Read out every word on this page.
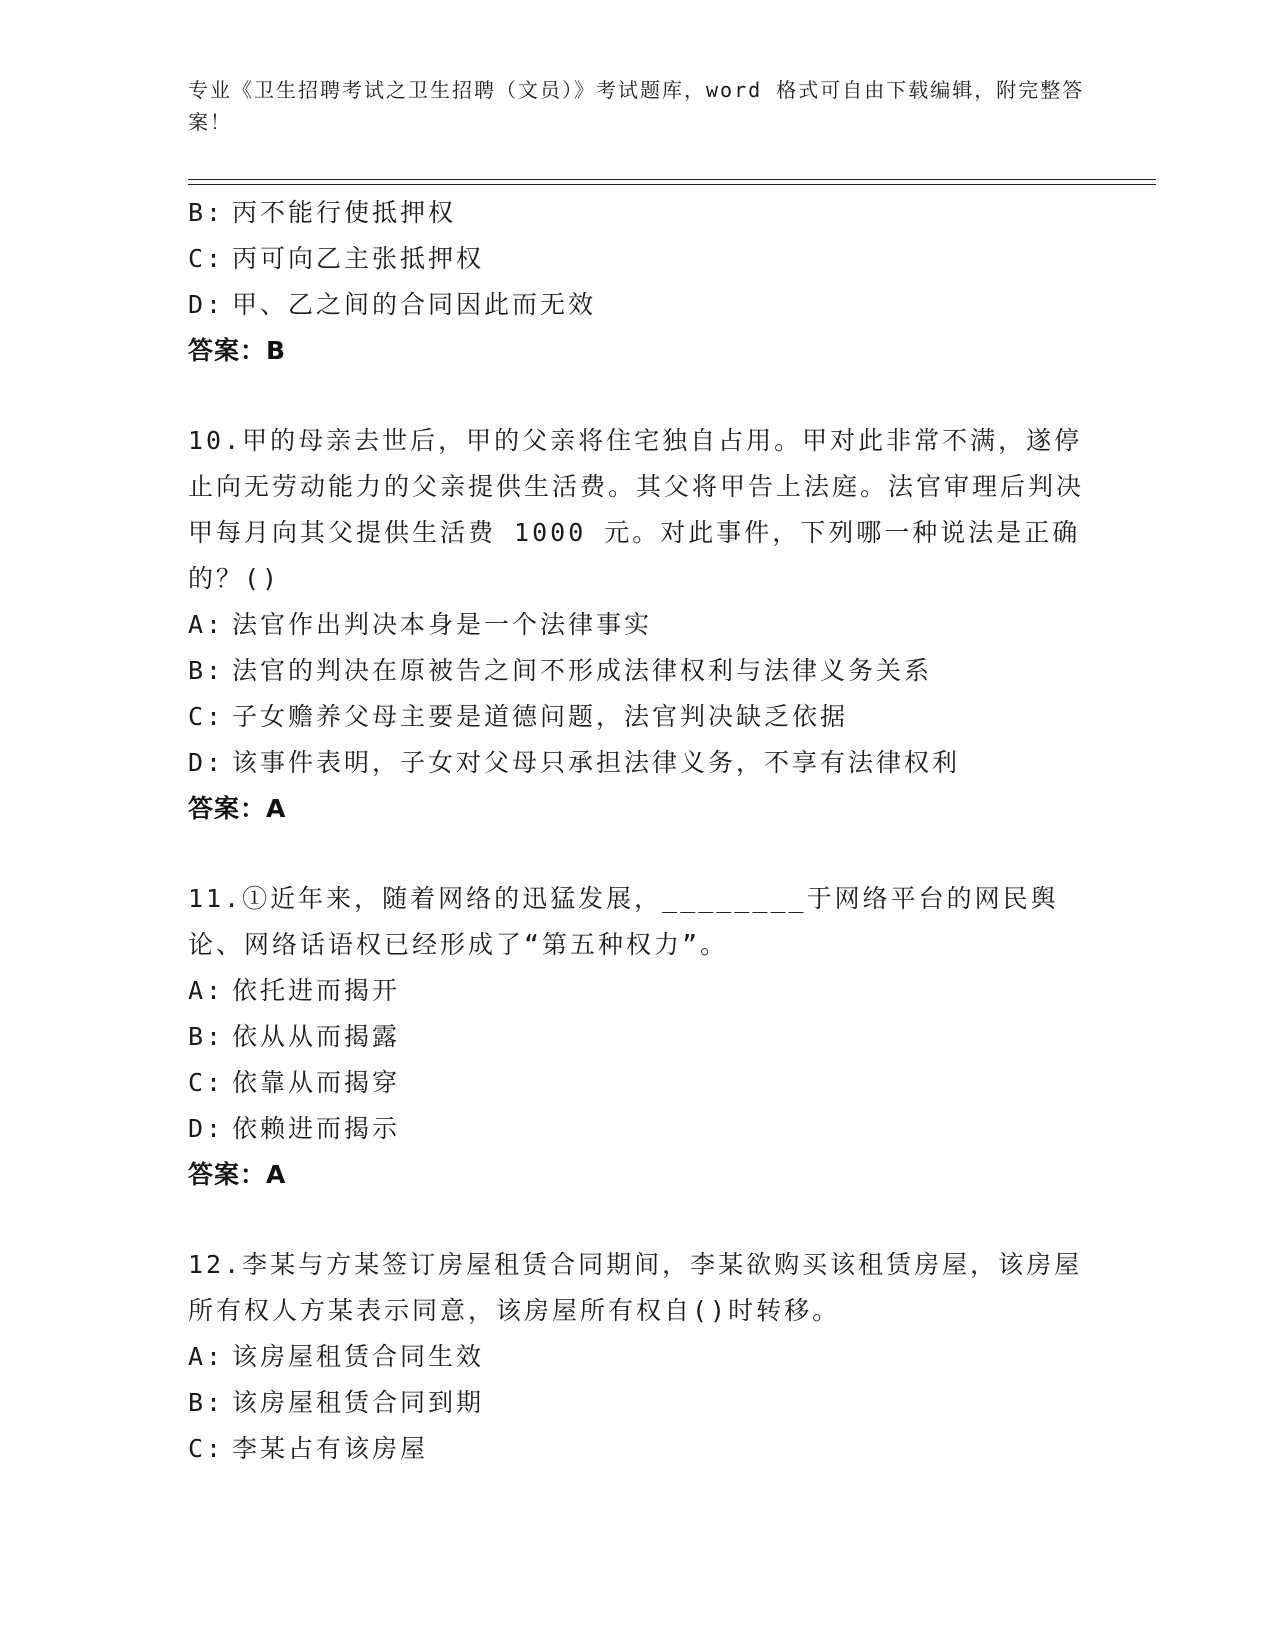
专业《卫生招聘考试之卫生招聘（文员）》考试题库，word 格式可自由下载编辑，附完整答案！
B: 丙不能行使抵押权
C: 丙可向乙主张抵押权
D: 甲、乙之间的合同因此而无效
答案：B
10.甲的母亲去世后，甲的父亲将住宅独自占用。甲对此非常不满，遂停止向无劳动能力的父亲提供生活费。其父将甲告上法庭。法官审理后判决甲每月向其父提供生活费 1000 元。对此事件，下列哪一种说法是正确的？()
A: 法官作出判决本身是一个法律事实
B: 法官的判决在原被告之间不形成法律权利与法律义务关系
C: 子女赡养父母主要是道德问题，法官判决缺乏依据
D: 该事件表明，子女对父母只承担法律义务，不享有法律权利
答案：A
11.①近年来，随着网络的迅猛发展，________于网络平台的网民舆论、网络话语权已经形成了“第五种权力”。
A: 依托进而揭开
B: 依从从而揭露
C: 依靠从而揭穿
D: 依赖进而揭示
答案：A
12.李某与方某签订房屋租赁合同期间，李某欲购买该租赁房屋，该房屋所有权人方某表示同意，该房屋所有权自()时转移。
A: 该房屋租赁合同生效
B: 该房屋租赁合同到期
C: 李某占有该房屋
